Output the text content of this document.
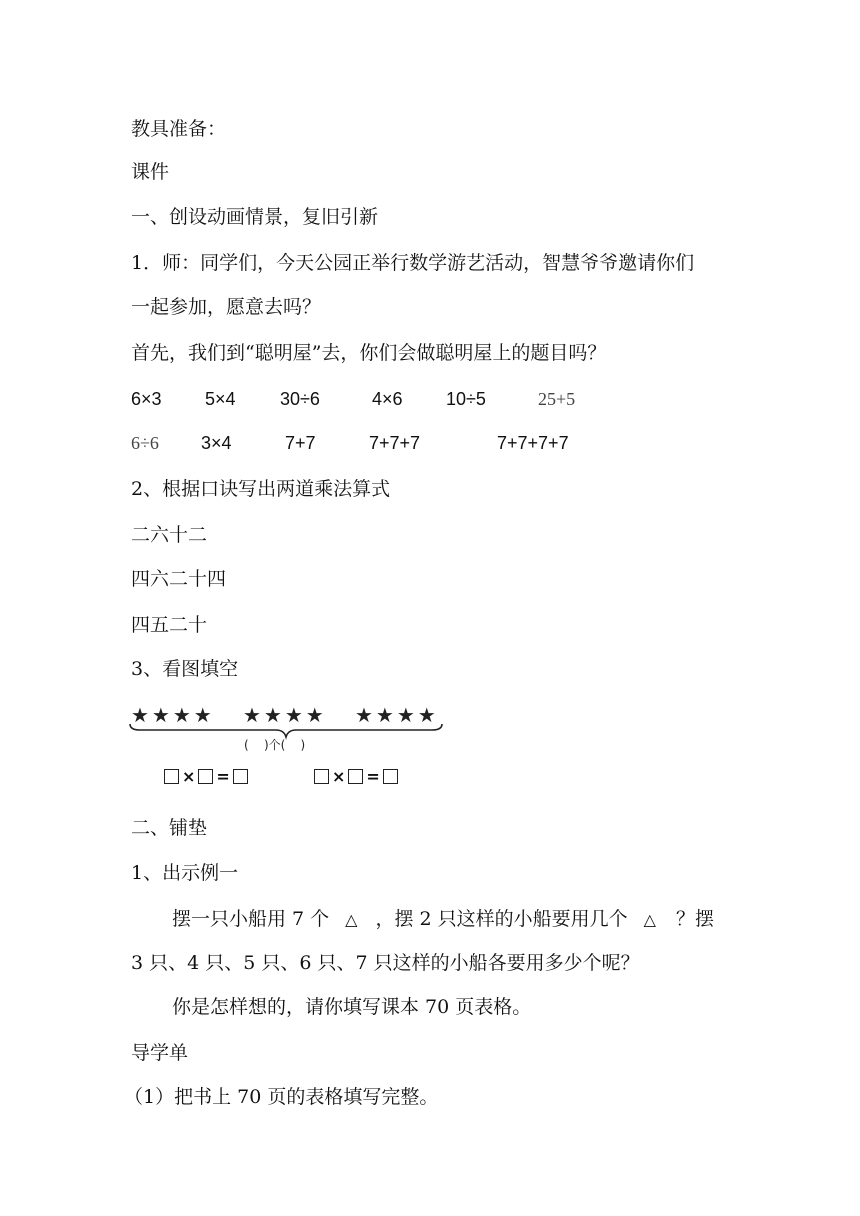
教具准备：
课件
一、创设动画情景，复旧引新
1．师：同学们，今天公园正举行数学游艺活动，智慧爷爷邀请你们
一起参加，愿意去吗？
首先，我们到“聪明屋”去，你们会做聪明屋上的题目吗？
6×3 5×4 30÷6	4×6 10÷5	25+5
6÷6 3×4	7+7	7+7+7	7+7+7+7
2、根据口诀写出两道乘法算式
二六十二
四六二十四
四五二十
3、看图填空
★★★★ ★★★★ ★★★★
(    )个(    )
× =	× =
二、铺垫
1、出示例一
摆一只小船用 7 个 △ ，摆 2 只这样的小船要用几个 △ ？摆
3 只、4 只、5 只、6 只、7 只这样的小船各要用多少个呢？
你是怎样想的，请你填写课本 70 页表格。
导学单
（1）把书上 70 页的表格填写完整。
